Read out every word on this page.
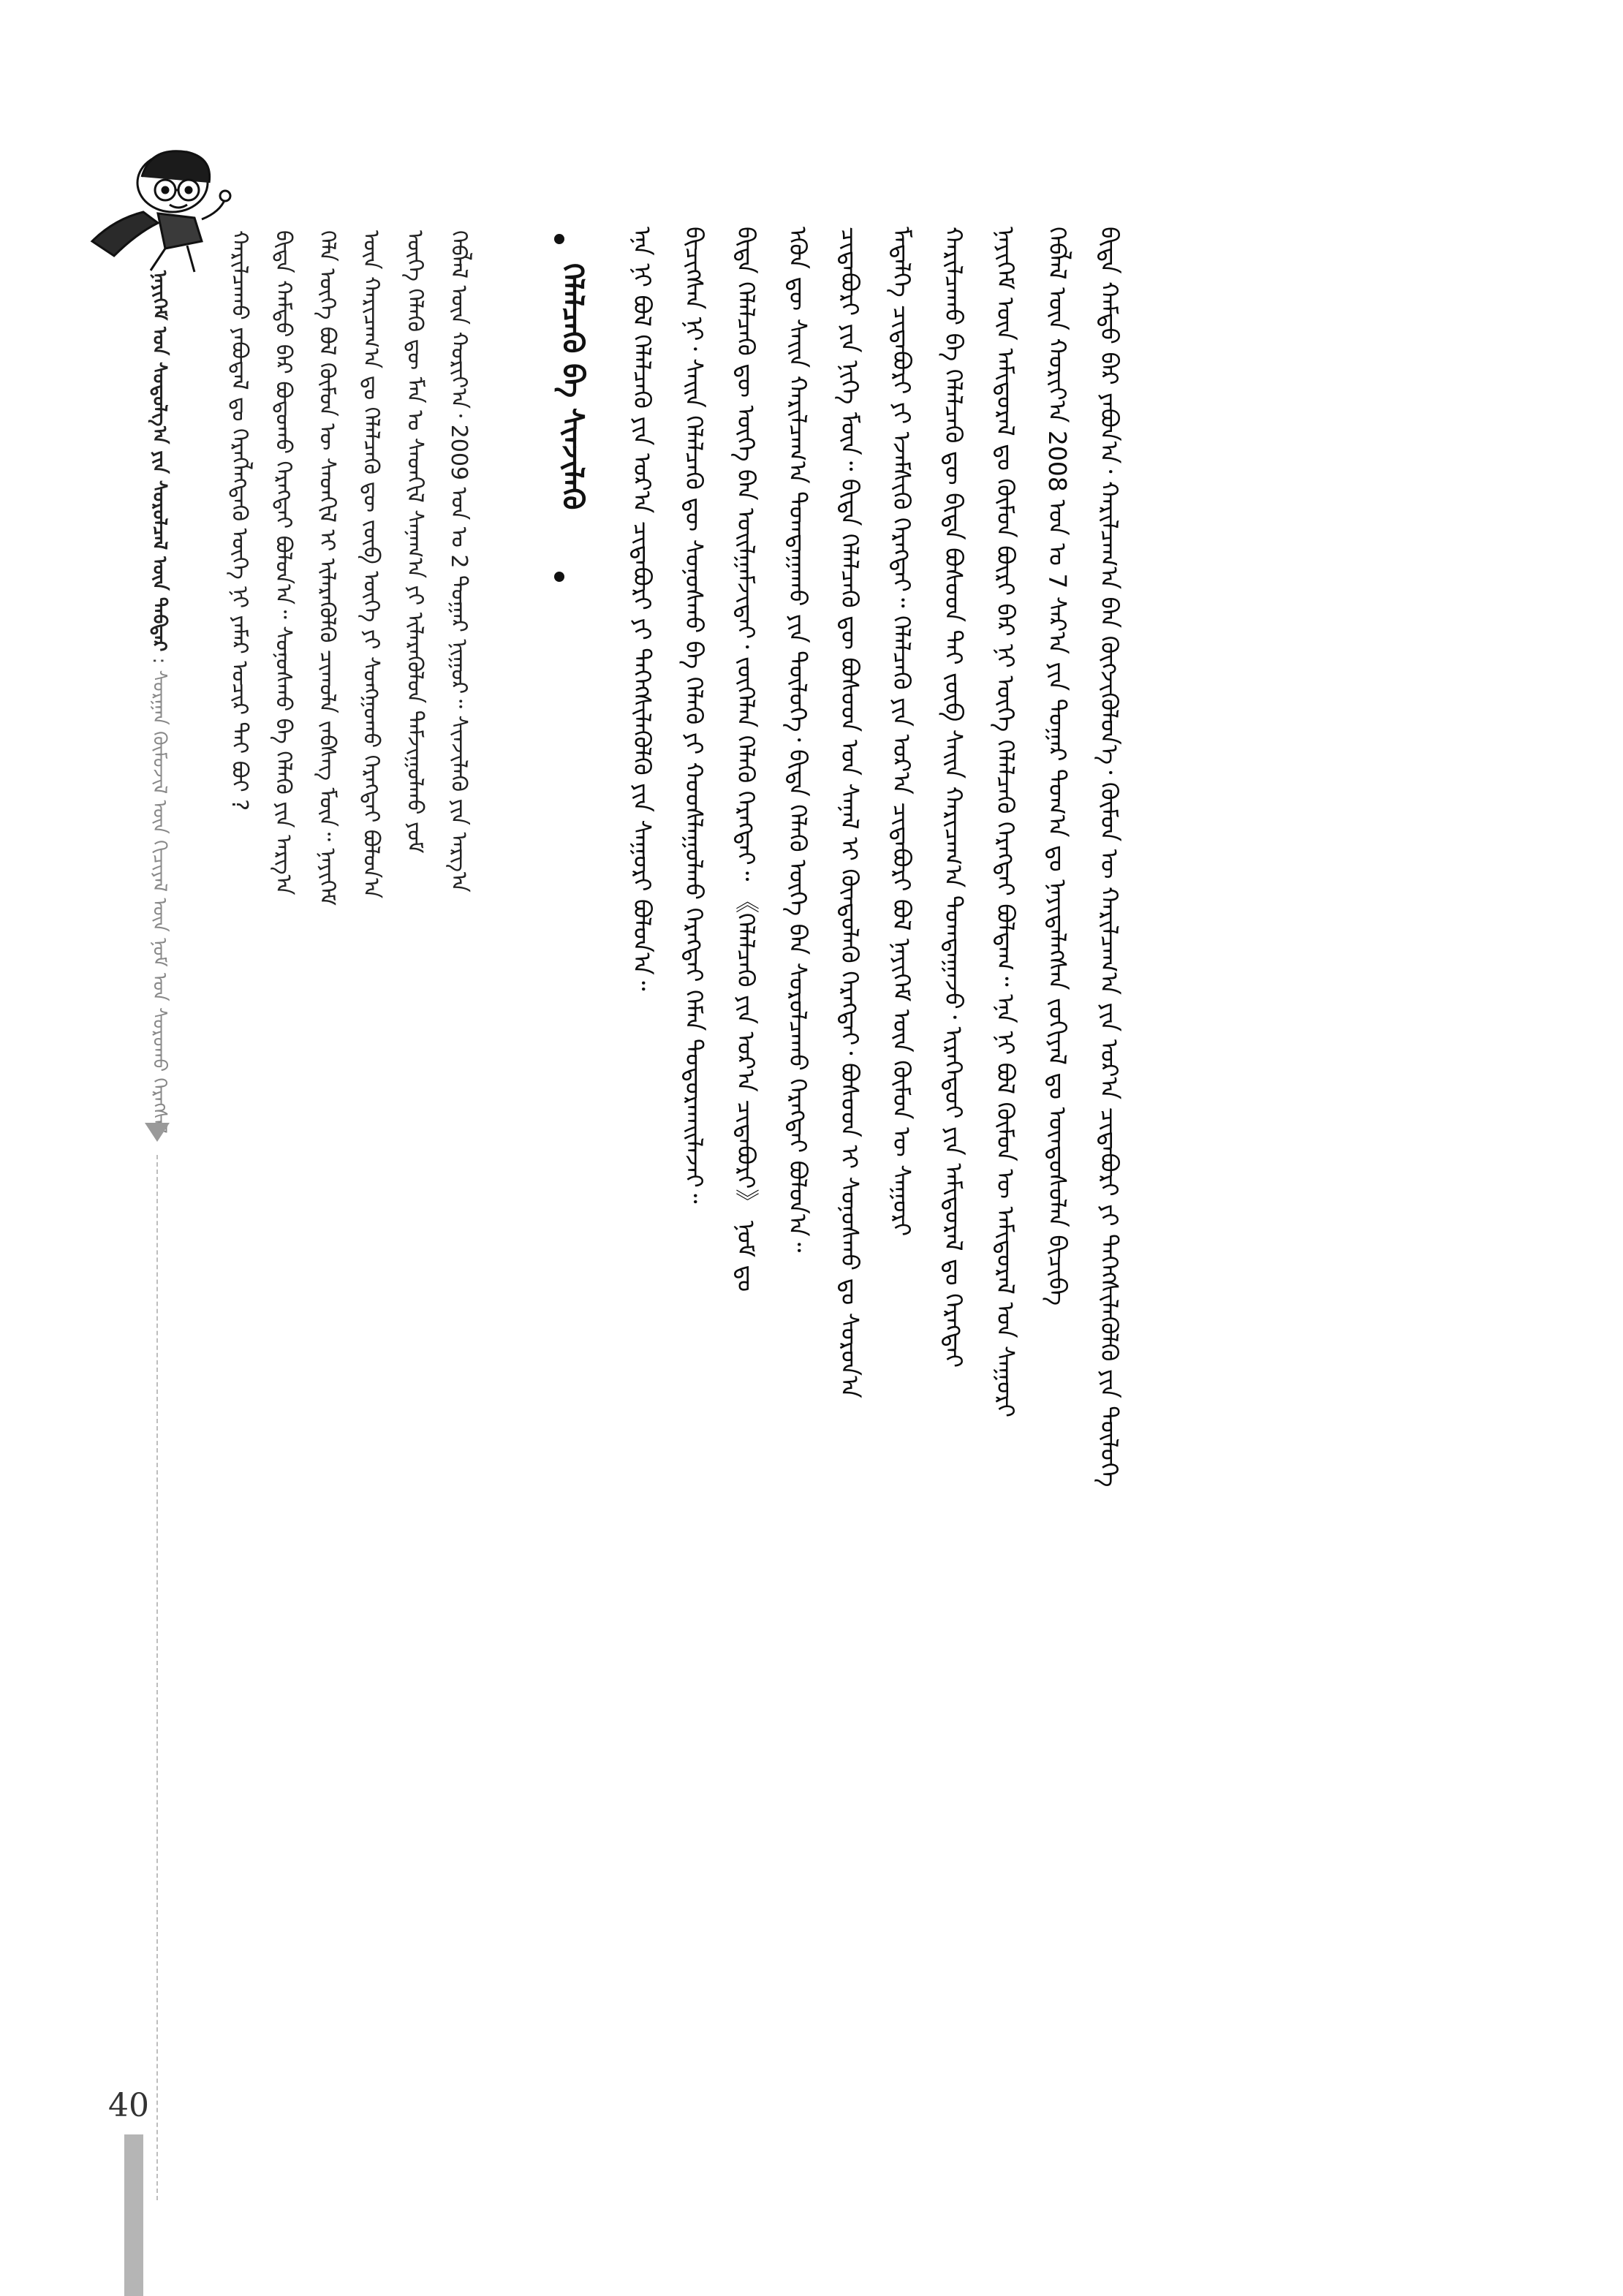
ᠨᠡᠶᠢᠭᠡᠮ ᠤᠨ ᠰᠤᠳᠤᠯᠭ᠎ᠠ ᠶᠢᠨ ᠰᠤᠷᠤᠯᠴᠠᠯ ᠦᠨ ᠳᠡᠪᠲᠡᠷ : ᠰᠤᠷᠭᠠᠨ ᠬᠦᠮᠦᠵᠢᠯ ᠦᠨ ᠬᠢᠴᠢᠶᠡᠯ ᠦᠨ ᠨᠣᠮ ᠤᠨ ᠰᠤᠷᠤᠬᠤ ᠬᠡᠷᠡᠭᠰᠡᠯ
ᠬᠠᠷᠢᠯᠴᠠᠬᠤ ᠶᠠᠪᠤᠳᠠᠯ ᠳᠤ ᠬᠡᠷᠡᠭᠯᠡᠭᠳᠡᠬᠦ ᠦᠭᠡ ᠨᠢ ᠶᠠᠮᠠᠷ ᠤᠴᠢᠷ ᠲᠠᠢ ᠪᠤᠢ ? ᠪᠢᠳᠡ ᠬᠠᠮᠲᠤ ᠪᠠᠷ ᠪᠤᠳᠤᠬᠤ ᠬᠡᠷᠡᠭᠲᠡᠢ ᠪᠣᠯᠤᠨ᠎ᠠ᠃ ᠰᠣᠨᠣᠰᠬᠤ ᠪᠠ ᠬᠡᠯᠡᠬᠦ ᠶᠢᠨ ᠠᠷᠭ᠎ᠠ ᠬᠡᠯᠡ ᠦᠭᠡ ᠪᠣᠯ ᠬᠦᠮᠦᠨ ᠦ ᠰᠡᠳᠬᠢᠯ ᠢ ᠢᠯᠡᠷᠡᠭᠦᠯᠬᠦ ᠴᠢᠬᠤᠯᠠ ᠵᠡᠪᠰᠡᠭ ᠮᠥᠨ᠃ ᠨᠡᠶᠢᠭᠡᠮ ᠦᠨ ᠬᠠᠷᠢᠴᠠᠭ᠎ᠠ ᠳᠤ ᠬᠡᠯᠡᠯᠴᠡᠬᠦ ᠳᠦ ᠵᠥᠪ ᠦᠭᠡ ᠶᠢ ᠰᠣᠩᠭᠤᠬᠤ ᠬᠡᠷᠡᠭᠲᠡᠢ ᠪᠣᠯᠤᠨ᠎ᠠ ᠦᠭᠡ ᠬᠡᠯᠡᠬᠦ ᠳᠦ ᠮᠠᠨ ᠤ ᠰᠡᠳᠬᠢᠯ ᠰᠠᠨᠠᠭ᠎ᠠ ᠶᠢ ᠢᠯᠡᠷᠡᠭᠦᠯᠦᠨ ᠳᠠᠮᠵᠢᠭᠤᠯᠬᠤ ᠶᠤᠮ ᠬᠡᠪᠯᠡᠯ ᠦᠨ ᠬᠣᠷᠢᠶ᠎ᠠ᠂ 2009 ᠣᠨ ᠤ 2 ᠳᠤᠭᠠᠷ ᠨᠢᠭᠤᠷ᠃ ᠰᠢᠨᠵᠢᠯᠡᠬᠦ ᠶᠢᠨ ᠠᠷᠭ᠎ᠠ	ᠬᠡᠯᠡᠯᠴᠡᠬᠦ ᠪᠠ ᠰᠢᠨᠵᠢᠯᠡᠬᠦ	ᠡᠨᠡ ᠨᠢ ᠪᠣᠯ ᠬᠡᠯᠡᠯᠴᠡᠬᠦ ᠶᠢᠨ ᠤᠷ᠎ᠠ ᠴᠢᠳᠠᠪᠤᠷᠢ ᠶᠢ ᠳᠡᠭᠡᠭᠰᠢᠯᠡᠭᠦᠯᠬᠦ ᠶᠢᠨ ᠰᠠᠭᠤᠷᠢ ᠪᠣᠯᠤᠨ᠎ᠠ᠃ ᠪᠢᠴᠢᠭᠰᠡᠨ ᠨᠢ᠂ ᠰᠠᠢᠨ ᠬᠡᠯᠡᠯᠴᠡᠬᠦ ᠳᠦ ᠰᠣᠨᠣᠰᠬᠤ ᠪᠠ ᠬᠡᠯᠡᠬᠦ ᠶᠢ ᠬᠣᠣᠰᠯᠠᠭᠤᠯᠬᠤ ᠬᠡᠷᠡᠭᠲᠡᠢ ᠬᠡᠮᠡᠨ ᠲᠣᠳᠣᠷᠬᠠᠢᠯᠠᠵᠠᠢ᠃ ᠪᠢᠳᠡ ᠬᠡᠯᠡᠯᠴᠡᠬᠦ ᠳᠦ ᠦᠭᠡ ᠪᠡᠨ ᠣᠢᠯᠭᠠᠮᠵᠢᠲᠠᠢ᠂ ᠵᠥᠭᠡᠯᠡᠨ ᠬᠡᠯᠡᠬᠦ ᠬᠡᠷᠡᠭᠲᠡᠢ᠃ 《ᠬᠡᠯᠡᠯᠴᠡᠬᠦ ᠶᠢᠨ ᠤᠷ᠎ᠠ ᠴᠢᠳᠠᠪᠤᠷᠢ》 ᠨᠣᠮ ᠳᠤ ᠡᠭᠦᠨ ᠳᠦ ᠰᠠᠢᠨ ᠬᠠᠷᠢᠯᠴᠠᠭ᠎ᠠ ᠲᠣᠭᠲᠠᠭᠠᠬᠤ ᠶᠢᠨ ᠲᠥᠯᠦᠭᠡ᠂ ᠪᠢᠳᠡ ᠬᠡᠯᠡᠬᠦ ᠦᠭᠡ ᠪᠡᠨ ᠰᠤᠷᠤᠯᠴᠠᠬᠤ ᠬᠡᠷᠡᠭᠲᠡᠢ ᠪᠣᠯᠤᠨ᠎ᠠ᠃ ᠴᠢᠳᠠᠪᠤᠷᠢ ᠶᠢᠨ ᠨᠢᠭᠡ ᠮᠥᠨ᠃ ᠪᠢᠳᠡ ᠬᠡᠯᠡᠯᠴᠡᠬᠦ ᠳᠦ ᠪᠤᠰᠤᠳ ᠤᠨ ᠰᠠᠨᠠᠯ ᠢ ᠬᠦᠨᠳᠦᠯᠡᠬᠦ ᠬᠡᠷᠡᠭᠲᠡᠢ᠂ ᠪᠤᠰᠤᠳ ᠢ ᠰᠣᠨᠣᠰᠬᠤ ᠳᠤ ᠰᠤᠷᠤᠨ᠎ᠠ ᠮᠡᠳᠡᠯᠭᠡ ᠴᠢᠳᠠᠪᠤᠷᠢ ᠶᠢ ᠡᠵᠡᠮᠰᠢᠬᠦ ᠬᠡᠷᠡᠭᠲᠡᠢ᠃ ᠬᠡᠯᠡᠯᠴᠡᠬᠦ ᠶᠢᠨ ᠤᠷ᠎ᠠ ᠴᠢᠳᠠᠪᠤᠷᠢ ᠪᠣᠯ ᠨᠡᠶᠢᠭᠡᠮ ᠦᠨ ᠬᠦᠮᠦᠨ ᠦ ᠰᠠᠭᠤᠷᠢ ᠬᠠᠷᠢᠯᠴᠠᠬᠤ ᠪᠠ ᠬᠡᠯᠡᠯᠴᠡᠬᠦ ᠳᠦ ᠪᠢᠳᠡ ᠪᠤᠰᠤᠳ ᠲᠠᠢ ᠵᠥᠪ ᠰᠠᠢᠨ ᠬᠠᠷᠢᠴᠠᠭ᠎ᠠ ᠲᠣᠭᠲᠠᠭᠠᠵᠤ᠂ ᠢᠷᠡᠭᠡᠳᠦᠢ ᠶᠢᠨ ᠠᠮᠢᠳᠤᠷᠠᠯ ᠳᠤ ᠬᠡᠷᠡᠭᠲᠡᠢ ᠨᠡᠶᠢᠭᠡᠮ ᠦᠨ ᠠᠮᠢᠳᠤᠷᠠᠯ ᠳᠤ ᠬᠦᠮᠦᠨ ᠪᠦᠷᠢ ᠪᠡᠷ ᠨᠢ ᠦᠭᠡ ᠬᠡᠯᠡᠯᠴᠡᠬᠦ ᠬᠡᠷᠡᠭᠲᠡᠢ ᠪᠣᠯᠳᠠᠭ᠃ ᠡᠨᠡ ᠨᠢ ᠪᠣᠯ ᠬᠦᠮᠦᠨ ᠦ ᠠᠮᠢᠳᠤᠷᠠᠯ ᠤᠨ ᠰᠠᠭᠤᠷᠢ ᠬᠡᠪᠯᠡᠯ ᠦᠨ ᠬᠣᠷᠢᠶ᠎ᠠ 2008 ᠣᠨ ᠤ 7 ᠰᠠᠷ᠎ᠠ ᠶᠢᠨ ᠳᠤᠭᠠᠷ ᠲᠣᠭ᠎ᠠ ᠳᠤ ᠨᠡᠶᠢᠲᠡᠯᠡᠭᠰᠡᠨ ᠵᠣᠬᠢᠶᠠᠯ ᠳᠤ ᠦᠨᠳᠦᠰᠦᠯᠡᠨ ᠪᠢᠴᠢᠪᠡ ᠪᠢᠳᠡ ᠬᠠᠮᠲᠤ ᠪᠠᠷ ᠶᠠᠪᠤᠨ᠎ᠠ᠂ ᠬᠠᠷᠢᠯᠴᠠᠭ᠎ᠠ ᠪᠠᠨ ᠬᠥᠭᠵᠢᠭᠦᠯᠦᠨ᠎ᠡ᠂ ᠬᠦᠮᠦᠨ ᠦ ᠬᠠᠷᠢᠯᠴᠠᠭ᠎ᠠ ᠶᠢᠨ ᠤᠷ᠎ᠠ ᠴᠢᠳᠠᠪᠤᠷᠢ ᠶᠢ ᠳᠡᠭᠡᠭᠰᠢᠯᠡᠭᠦᠯᠬᠦ ᠶᠢᠨ ᠲᠥᠯᠦᠭᠡ
40
